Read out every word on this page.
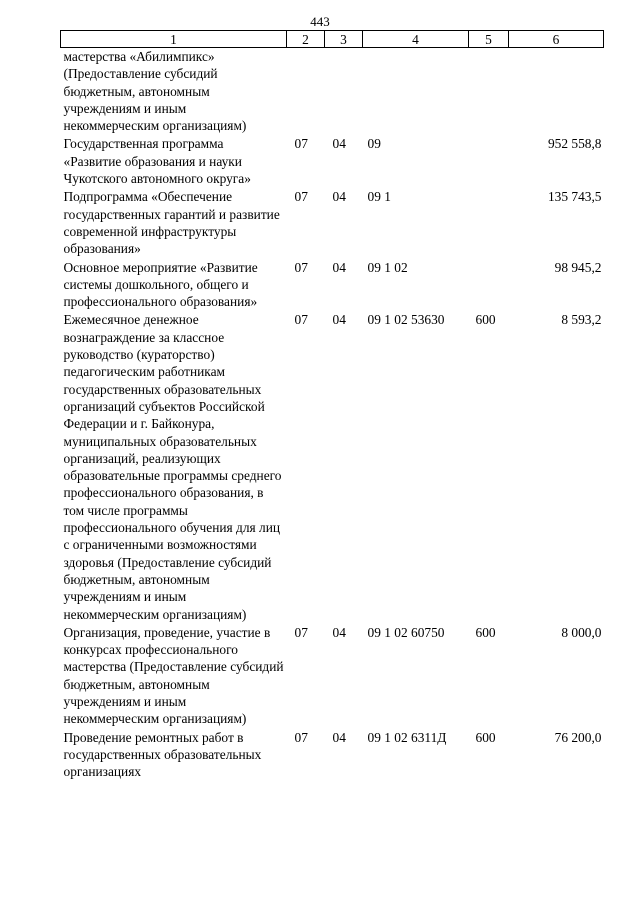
443
1	2	3	4	5	6
мастерства «Абилимпикс» (Предоставление субсидий бюджетным, автономным учреждениям и иным некоммерческим организациям)					
Государственная программа «Развитие образования и науки Чукотского автономного округа»	07	04	09		952 558,8
Подпрограмма «Обеспечение государственных гарантий и развитие современной инфраструктуры образования»	07	04	09 1		135 743,5
Основное мероприятие «Развитие системы дошкольного, общего и профессионального образования»	07	04	09 1 02		98 945,2
Ежемесячное денежное вознаграждение за классное руководство (кураторство) педагогическим работникам государственных образовательных организаций субъектов Российской Федерации и г. Байконура, муниципальных образовательных организаций, реализующих образовательные программы среднего профессионального образования, в том числе программы профессионального обучения для лиц с ограниченными возможностями здоровья (Предоставление субсидий бюджетным, автономным учреждениям и иным некоммерческим организациям)	07	04	09 1 02 53630	600	8 593,2
Организация, проведение, участие в конкурсах профессионального мастерства (Предоставление субсидий бюджетным, автономным учреждениям и иным некоммерческим организациям)	07	04	09 1 02 60750	600	8 000,0
Проведение ремонтных работ в государственных образовательных организациях	07	04	09 1 02 6311Д	600	76 200,0
